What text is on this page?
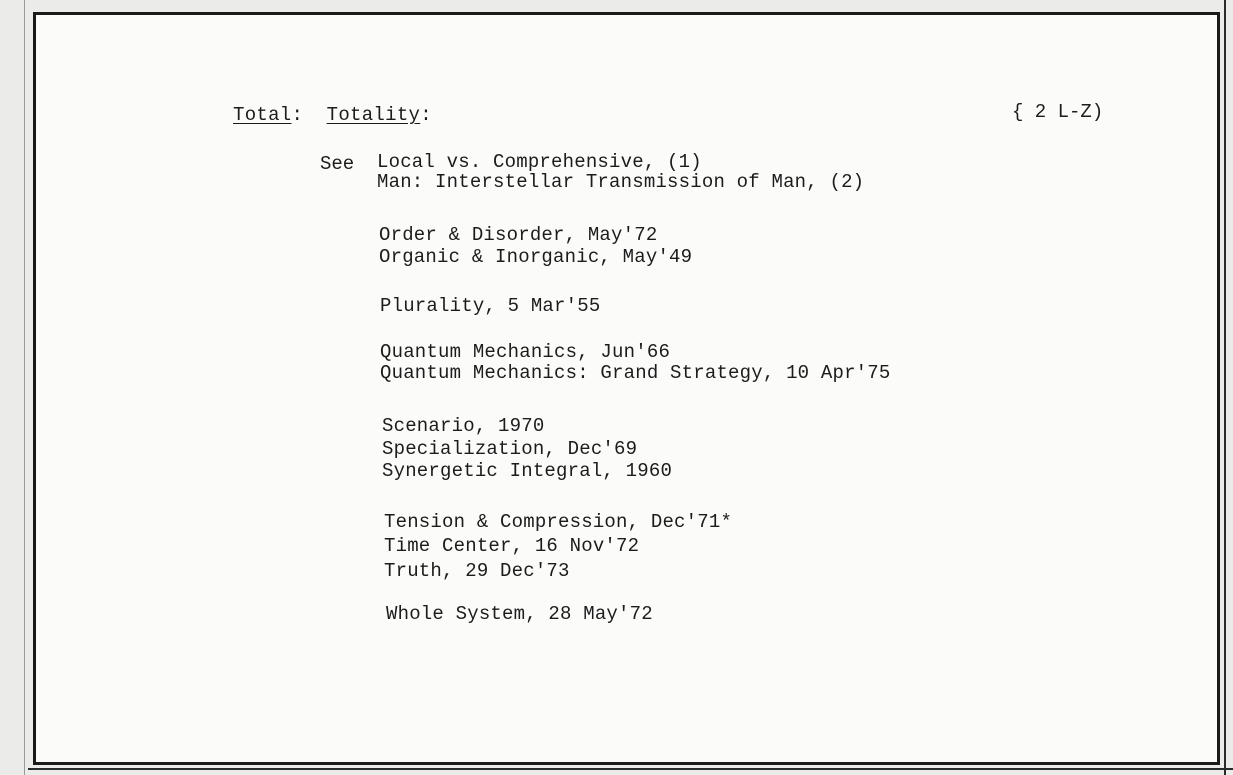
Total:  Totality:	{ 2 L-Z)
See Local vs. Comprehensive, (1)
Man: Interstellar Transmission of Man, (2)
Order & Disorder, May'72
Organic & Inorganic, May'49
Plurality, 5 Mar'55
Quantum Mechanics, Jun'66
Quantum Mechanics: Grand Strategy, 10 Apr'75
Scenario, 1970
Specialization, Dec'69
Synergetic Integral, 1960
Tension & Compression, Dec'71*
Time Center, 16 Nov'72
Truth, 29 Dec'73
Whole System, 28 May'72
